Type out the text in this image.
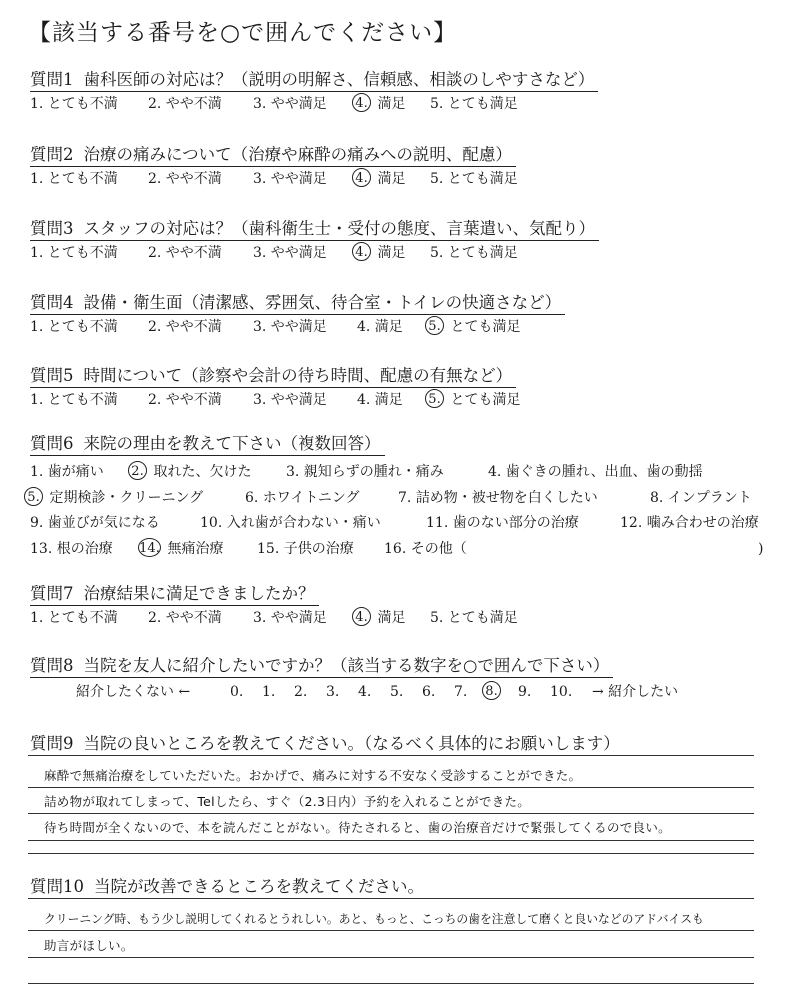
【該当する番号を○で囲んでください】
質問1 歯科医師の対応は？（説明の明解さ、信頼感、相談のしやすさなど）
1. とても不満 2. やや不満 3. やや満足 4. 満足 5. とても満足
質問2 治療の痛みについて（治療や麻酔の痛みへの説明、配慮）
1. とても不満 2. やや不満 3. やや満足 4. 満足 5. とても満足
質問3 スタッフの対応は？（歯科衛生士・受付の態度、言葉遣い、気配り）
1. とても不満 2. やや不満 3. やや満足 4. 満足 5. とても満足
質問4 設備・衛生面（清潔感、雰囲気、待合室・トイレの快適さなど）
1. とても不満 2. やや不満 3. やや満足 4. 満足 5. とても満足
質問5 時間について（診察や会計の待ち時間、配慮の有無など）
1. とても不満 2. やや不満 3. やや満足 4. 満足 5. とても満足
質問6 来院の理由を教えて下さい（複数回答）
1. 歯が痛い 2. 取れた、欠けた 3. 親知らずの腫れ・痛み	4. 歯ぐきの腫れ、出血、歯の動揺
5. 定期検診・クリーニング	6. ホワイトニング	7. 詰め物・被せ物を白くしたい	8. インプラント
9. 歯並びが気になる	10. 入れ歯が合わない・痛い	11. 歯のない部分の治療	12. 噛み合わせの治療
13. 根の治療 14. 無痛治療 15. 子供の治療 16. その他（	)
質問7 治療結果に満足できましたか？
1. とても不満 2. やや不満 3. やや満足 4. 満足 5. とても満足
質問8 当院を友人に紹介したいですか？（該当する数字を○で囲んで下さい）
紹介したくない ←	0. 1. 2. 3. 4. 5. 6. 7. 8.	9. 10. → 紹介したい
質問9 当院の良いところを教えてください。（なるべく具体的にお願いします）
麻酔で無痛治療をしていただいた。おかげで、痛みに対する不安なく受診することができた。
詰め物が取れてしまって、Telしたら、すぐ（2.3日内）予約を入れることができた。
待ち時間が全くないので、本を読んだことがない。待たされると、歯の治療音だけで緊張してくるので良い。
質問10 当院が改善できるところを教えてください。
クリーニング時、もう少し説明してくれるとうれしい。あと、もっと、こっちの歯を注意して磨くと良いなどのアドバイスも
助言がほしい。
